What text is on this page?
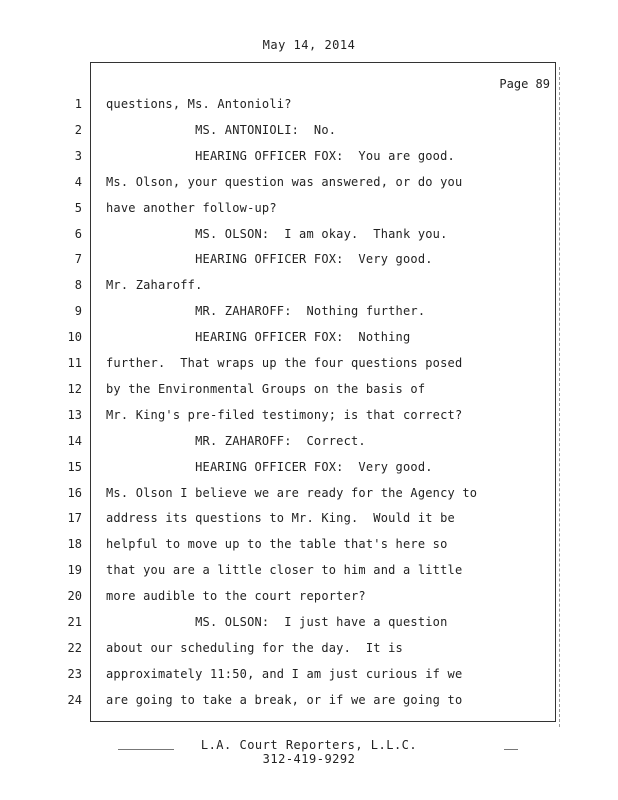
May 14, 2014
Page 89
1 questions, Ms. Antonioli?
2 MS. ANTONIOLI:  No.
3 HEARING OFFICER FOX:  You are good.
4 Ms. Olson, your question was answered, or do you
5 have another follow-up?
6 MS. OLSON:  I am okay.  Thank you.
7 HEARING OFFICER FOX:  Very good.
8 Mr. Zaharoff.
9 MR. ZAHAROFF:  Nothing further.
10 HEARING OFFICER FOX:  Nothing
11 further.  That wraps up the four questions posed
12 by the Environmental Groups on the basis of
13 Mr. King's pre-filed testimony; is that correct?
14 MR. ZAHAROFF:  Correct.
15 HEARING OFFICER FOX:  Very good.
16 Ms. Olson I believe we are ready for the Agency to
17 address its questions to Mr. King.  Would it be
18 helpful to move up to the table that's here so
19 that you are a little closer to him and a little
20 more audible to the court reporter?
21 MS. OLSON:  I just have a question
22 about our scheduling for the day.  It is
23 approximately 11:50, and I am just curious if we
24 are going to take a break, or if we are going to
L.A. Court Reporters, L.L.C.
312-419-9292
